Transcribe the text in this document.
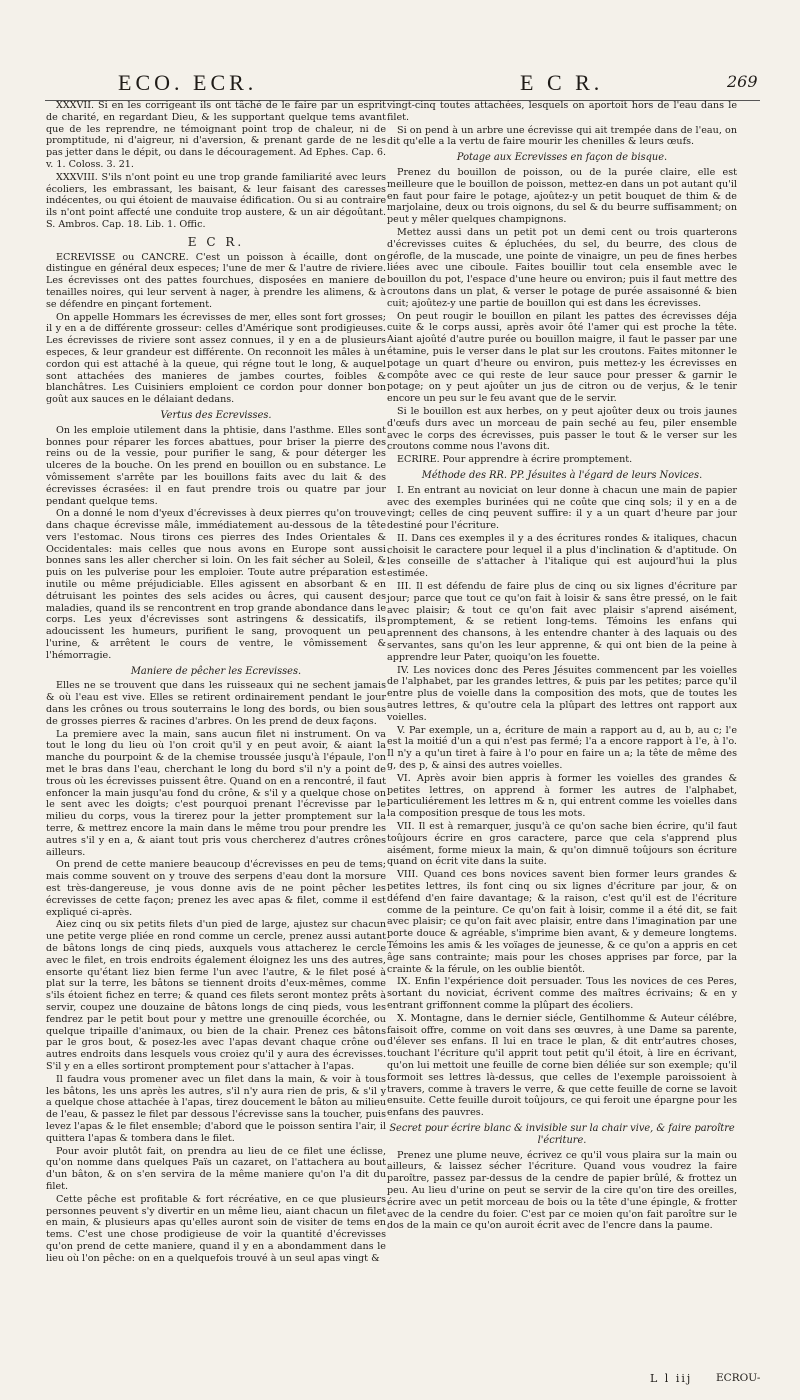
ECO. ECR.	E C R.	269

XXXVII. Si en les corrigeant ils ont tâché de le faire par un esprit de charité, en regardant Dieu, & les supportant quelque tems avant que de les reprendre, ne témoignant point trop de chaleur, ni de promptitude, ni d'aigreur, ni d'aversion, & prenant garde de ne les pas jetter dans le dépit, ou dans le découragement. Ad Ephes. Cap. 6. v. 1. Coloss. 3. 21.

XXXVIII. S'ils n'ont point eu une trop grande familiarité avec leurs écoliers, les embrassant, les baisant, & leur faisant des caresses indécentes, ou qui étoient de mauvaise édification. Ou si au contraire ils n'ont point affecté une conduite trop austere, & un air dégoûtant. S. Ambros. Cap. 18. Lib. 1. Offic.

E C R.

ECREVISSE ou CANCRE. C'est un poisson à écaille, dont on distingue en général deux especes; l'une de mer & l'autre de riviere. Les écrevisses ont des pattes fourchues, disposées en maniere de tenailles noires, qui leur servent à nager, à prendre les alimens, & à se défendre en pinçant fortement.

On appelle Hommars les écrevisses de mer, elles sont fort grosses; il y en a de différente grosseur: celles d'Amérique sont prodigieuses. Les écrevisses de riviere sont assez connues, il y en a de plusieurs especes, & leur grandeur est différente. On reconnoit les mâles à un cordon qui est attaché à la queue, qui régne tout le long, & auquel sont attachées des manieres de jambes courtes, foibles & blanchâtres. Les Cuisiniers emploient ce cordon pour donner bon goût aux sauces en le délaiant dedans.

Vertus des Ecrevisses.

On les emploie utilement dans la phtisie, dans l'asthme. Elles sont bonnes pour réparer les forces abattues, pour briser la pierre des reins ou de la vessie, pour purifier le sang, & pour déterger les ulceres de la bouche. On les prend en bouillon ou en substance. Le vômissement s'arrête par les bouillons faits avec du lait & des écrevisses écrasées: il en faut prendre trois ou quatre par jour pendant quelque tems.

On a donné le nom d'yeux d'écrevisses à deux pierres qu'on trouve dans chaque écrevisse mâle, immédiatement au-dessous de la tête vers l'estomac. Nous tirons ces pierres des Indes Orientales & Occidentales: mais celles que nous avons en Europe sont aussi bonnes sans les aller chercher si loin. On les fait sécher au Soleil, & puis on les pulverise pour les emploier. Toute autre préparation est inutile ou même préjudiciable. Elles agissent en absorbant & en détruisant les pointes des sels acides ou âcres, qui causent des maladies, quand ils se rencontrent en trop grande abondance dans le corps. Les yeux d'écrevisses sont astringens & dessicatifs, ils adoucissent les humeurs, purifient le sang, provoquent un peu l'urine, & arrêtent le cours de ventre, le vômissement & l'hémorragie.

Maniere de pêcher les Ecrevisses.

Elles ne se trouvent que dans les ruisseaux qui ne sechent jamais & où l'eau est vive. Elles se retirent ordinairement pendant le jour dans les crônes ou trous souterrains le long des bords, ou bien sous de grosses pierres & racines d'arbres. On les prend de deux façons.

La premiere avec la main, sans aucun filet ni instrument. On va tout le long du lieu où l'on croit qu'il y en peut avoir, & aiant la manche du pourpoint & de la chemise troussée jusqu'à l'épaule, l'on met le bras dans l'eau, cherchant le long du bord s'il n'y a point de trous où les écrevisses puissent être. Quand on en a rencontré, il faut enfoncer la main jusqu'au fond du crône, & s'il y a quelque chose on le sent avec les doigts; c'est pourquoi prenant l'écrevisse par le milieu du corps, vous la tirerez pour la jetter promptement sur la terre, & mettrez encore la main dans le même trou pour prendre les autres s'il y en a, & aiant tout pris vous chercherez d'autres crônes ailleurs.

On prend de cette maniere beaucoup d'écrevisses en peu de tems; mais comme souvent on y trouve des serpens d'eau dont la morsure est très-dangereuse, je vous donne avis de ne point pêcher les écrevisses de cette façon; prenez les avec apas & filet, comme il est expliqué ci-après.

Aiez cinq ou six petits filets d'un pied de large, ajustez sur chacun une petite verge pliée en rond comme un cercle, prenez aussi autant de bâtons longs de cinq pieds, auxquels vous attacherez le cercle avec le filet, en trois endroits également éloignez les uns des autres, ensorte qu'étant liez bien ferme l'un avec l'autre, & le filet posé à plat sur la terre, les bâtons se tiennent droits d'eux-mêmes, comme s'ils étoient fichez en terre; & quand ces filets seront montez prêts à servir, coupez une douzaine de bâtons longs de cinq pieds, vous les fendrez par le petit bout pour y mettre une grenouille écorchée, ou quelque tripaille d'animaux, ou bien de la chair. Prenez ces bâtons par le gros bout, & posez-les avec l'apas devant chaque crône ou autres endroits dans lesquels vous croiez qu'il y aura des écrevisses. S'il y en a elles sortiront promptement pour s'attacher à l'apas.

Il faudra vous promener avec un filet dans la main, & voir à tous les bâtons, les uns après les autres, s'il n'y aura rien de pris, & s'il y a quelque chose attachée à l'apas, tirez doucement le bâton au milieu de l'eau, & passez le filet par dessous l'écrevisse sans la toucher, puis levez l'apas & le filet ensemble; d'abord que le poisson sentira l'air, il quittera l'apas & tombera dans le filet.

Pour avoir plutôt fait, on prendra au lieu de ce filet une éclisse, qu'on nomme dans quelques Païs un cazaret, on l'attachera au bout d'un bâton, & on s'en servira de la même maniere qu'on l'a dit du filet.

Cette pêche est profitable & fort récréative, en ce que plusieurs personnes peuvent s'y divertir en un même lieu, aiant chacun un filet en main, & plusieurs apas qu'elles auront soin de visiter de tems en tems. C'est une chose prodigieuse de voir la quantité d'écrevisses qu'on prend de cette maniere, quand il y en a abondamment dans le lieu où l'on pêche: on en a quelquefois trouvé à un seul apas vingt &

vingt-cinq toutes attachées, lesquels on aportoit hors de l'eau dans le filet.

Si on pend à un arbre une écrevisse qui ait trempée dans de l'eau, on dit qu'elle a la vertu de faire mourir les chenilles & leurs œufs.

Potage aux Ecrevisses en façon de bisque.

Prenez du bouillon de poisson, ou de la purée claire, elle est meilleure que le bouillon de poisson, mettez-en dans un pot autant qu'il en faut pour faire le potage, ajoûtez-y un petit bouquet de thim & de marjolaine, deux ou trois oignons, du sel & du beurre suffisamment; on peut y mêler quelques champignons.

Mettez aussi dans un petit pot un demi cent ou trois quarterons d'écrevisses cuites & épluchées, du sel, du beurre, des clous de gérofle, de la muscade, une pointe de vinaigre, un peu de fines herbes liées avec une ciboule. Faites bouillir tout cela ensemble avec le bouillon du pot, l'espace d'une heure ou environ; puis il faut mettre des croutons dans un plat, & verser le potage de purée assaisonné & bien cuit; ajoûtez-y une partie de bouillon qui est dans les écrevisses.

On peut rougir le bouillon en pilant les pattes des écrevisses déja cuite & le corps aussi, après avoir ôté l'amer qui est proche la tête. Aiant ajoûté d'autre purée ou bouillon maigre, il faut le passer par une étamine, puis le verser dans le plat sur les croutons. Faites mitonner le potage un quart d'heure ou environ, puis mettez-y les écrevisses en compôte avec ce qui reste de leur sauce pour presser & garnir le potage; on y peut ajoûter un jus de citron ou de verjus, & le tenir encore un peu sur le feu avant que de le servir.

Si le bouillon est aux herbes, on y peut ajoûter deux ou trois jaunes d'œufs durs avec un morceau de pain seché au feu, piler ensemble avec le corps des écrevisses, puis passer le tout & le verser sur les croutons comme nous l'avons dit.

ECRIRE. Pour apprendre à écrire promptement.

Méthode des RR. PP. Jésuites à l'égard de leurs Novices.

I. En entrant au noviciat on leur donne à chacun une main de papier avec des exemples burinées qui ne coûte que cinq sols; il y en a de vingt; celles de cinq peuvent suffire: il y a un quart d'heure par jour destiné pour l'écriture.

II. Dans ces exemples il y a des écritures rondes & italiques, chacun choisit le caractere pour lequel il a plus d'inclination & d'aptitude. On les conseille de s'attacher à l'italique qui est aujourd'hui la plus estimée.

III. Il est défendu de faire plus de cinq ou six lignes d'écriture par jour; parce que tout ce qu'on fait à loisir & sans être pressé, on le fait avec plaisir; & tout ce qu'on fait avec plaisir s'aprend aisément, promptement, & se retient long-tems. Témoins les enfans qui aprennent des chansons, à les entendre chanter à des laquais ou des servantes, sans qu'on les leur apprenne, & qui ont bien de la peine à apprendre leur Pater, quoiqu'on les fouette.

IV. Les novices donc des Peres Jésuites commencent par les voielles de l'alphabet, par les grandes lettres, & puis par les petites; parce qu'il entre plus de voielle dans la composition des mots, que de toutes les autres lettres, & qu'outre cela la plûpart des lettres ont rapport aux voielles.

V. Par exemple, un a, écriture de main a rapport au d, au b, au c; l'e est la moitié d'un a qui n'est pas fermé; l'a a encore rapport à l'e, à l'o. Il n'y a qu'un tiret à faire à l'o pour en faire un a; la tête de même des g, des p, & ainsi des autres voielles.

VI. Après avoir bien appris à former les voielles des grandes & petites lettres, on apprend à former les autres de l'alphabet, particuliérement les lettres m & n, qui entrent comme les voielles dans la composition presque de tous les mots.

VII. Il est à remarquer, jusqu'à ce qu'on sache bien écrire, qu'il faut toûjours écrire en gros caractere, parce que cela s'apprend plus aisément, forme mieux la main, & qu'on dimnuë toûjours son écriture quand on écrit vite dans la suite.

VIII. Quand ces bons novices savent bien former leurs grandes & petites lettres, ils font cinq ou six lignes d'écriture par jour, & on défend d'en faire davantage; & la raison, c'est qu'il est de l'écriture comme de la peinture. Ce qu'on fait à loisir, comme il a été dit, se fait avec plaisir; ce qu'on fait avec plaisir, entre dans l'imagination par une porte douce & agréable, s'imprime bien avant, & y demeure longtems. Témoins les amis & les voïages de jeunesse, & ce qu'on a appris en cet âge sans contrainte; mais pour les choses apprises par force, par la crainte & la férule, on les oublie bientôt.

IX. Enfin l'expérience doit persuader. Tous les novices de ces Peres, sortant du noviciat, écrivent comme des maîtres écrivains; & en y entrant griffonnent comme la plûpart des écoliers.

X. Montagne, dans le dernier siécle, Gentilhomme & Auteur célébre, faisoit offre, comme on voit dans ses œuvres, à une Dame sa parente, d'élever ses enfans. Il lui en trace le plan, & dit entr'autres choses, touchant l'écriture qu'il apprit tout petit qu'il étoit, à lire en écrivant, qu'on lui mettoit une feuille de corne bien déliée sur son exemple; qu'il formoit ses lettres là-dessus, que celles de l'exemple paroissoient à travers, comme à travers le verre, & que cette feuille de corne se lavoit ensuite. Cette feuille duroit toûjours, ce qui feroit une épargne pour les enfans des pauvres.

Secret pour écrire blanc & invisible sur la chair vive, & faire paroître l'écriture.

Prenez une plume neuve, écrivez ce qu'il vous plaira sur la main ou ailleurs, & laissez sécher l'écriture. Quand vous voudrez la faire paroître, passez par-dessus de la cendre de papier brûlé, & frottez un peu. Au lieu d'urine on peut se servir de la cire qu'on tire des oreilles, écrire avec un petit morceau de bois ou la tête d'une épingle, & frotter avec de la cendre du foier. C'est par ce moien qu'on fait paroître sur le dos de la main ce qu'on auroit écrit avec de l'encre dans la paume.

L l iij ECROU-
